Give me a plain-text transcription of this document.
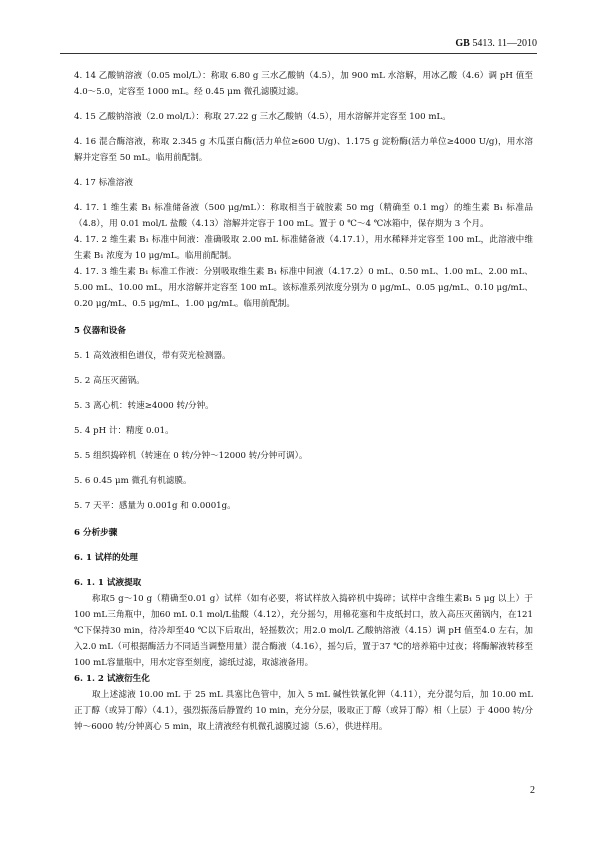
GB 5413. 11—2010

4. 14 乙酸钠溶液（0.05 mol/L）：称取 6.80 g 三水乙酸钠（4.5），加 900 mL 水溶解，用冰乙酸（4.6）调 pH 值至 4.0～5.0，定容至 1000 mL。经 0.45 μm 微孔滤膜过滤。

4. 15 乙酸钠溶液（2.0 mol/L）：称取 27.22 g 三水乙酸钠（4.5），用水溶解并定容至 100 mL。

4. 16 混合酶溶液，称取 2.345 g 木瓜蛋白酶(活力单位≥600 U/g)、1.175 g 淀粉酶(活力单位≥4000 U/g)，用水溶解并定容至 50 mL。临用前配制。

4. 17 标准溶液

4. 17. 1 维生素 B₁ 标准储备液（500 μg/mL）：称取相当于硫胺素 50 mg（精确至 0.1 mg）的维生素 B₁ 标准品（4.8），用 0.01 mol/L 盐酸（4.13）溶解并定容于 100 mL。置于 0 ℃～4 ℃冰箱中，保存期为 3 个月。

4. 17. 2 维生素 B₁ 标准中间液：准确吸取 2.00 mL 标准储备液（4.17.1），用水稀释并定容至 100 mL，此溶液中维生素 B₁ 浓度为 10 μg/mL。临用前配制。

4. 17. 3 维生素 B₁ 标准工作液：分别吸取维生素 B₁ 标准中间液（4.17.2）0 mL、0.50 mL、1.00 mL、2.00 mL、5.00 mL、10.00 mL，用水溶解并定容至 100 mL。该标准系列浓度分别为 0 μg/mL、0.05 μg/mL、0.10 μg/mL、0.20 μg/mL、0.5 μg/mL、1.00 μg/mL。临用前配制。

5 仪器和设备

5. 1 高效液相色谱仪，带有荧光检测器。

5. 2 高压灭菌锅。

5. 3 离心机：转速≥4000 转/分钟。

5. 4 pH 计：精度 0.01。

5. 5 组织捣碎机（转速在 0 转/分钟～12000 转/分钟可调）。

5. 6 0.45 μm 微孔有机滤膜。

5. 7 天平：感量为 0.001g 和 0.0001g。

6 分析步骤

6. 1 试样的处理

6. 1. 1 试液提取

称取5 g～10 g（精确至0.01 g）试样（如有必要，将试样放入捣碎机中捣碎；试样中含维生素B₁ 5 μg 以上）于100 mL三角瓶中，加60 mL 0.1 mol/L盐酸（4.12），充分摇匀，用棉花塞和牛皮纸封口，放入高压灭菌锅内，在121 ℃下保持30 min，待冷却至40 ℃以下后取出，轻摇数次；用2.0 mol/L 乙酸钠溶液（4.15）调 pH 值至4.0 左右，加入2.0 mL（可根据酶活力不同适当调整用量）混合酶液（4.16），摇匀后，置于37 ℃的培养箱中过夜；将酶解液转移至100 mL容量瓶中，用水定容至刻度，滤纸过滤，取滤液备用。

6. 1. 2 试液衍生化

取上述滤液 10.00 mL 于 25 mL 具塞比色管中，加入 5 mL 碱性铁氰化钾（4.11），充分混匀后，加 10.00 mL 正丁醇（或异丁醇）（4.1），强烈振荡后静置约 10 min，充分分层，吸取正丁醇（或异丁醇）相（上层）于 4000 转/分钟～6000 转/分钟离心 5 min，取上清液经有机微孔滤膜过滤（5.6），供进样用。

2
